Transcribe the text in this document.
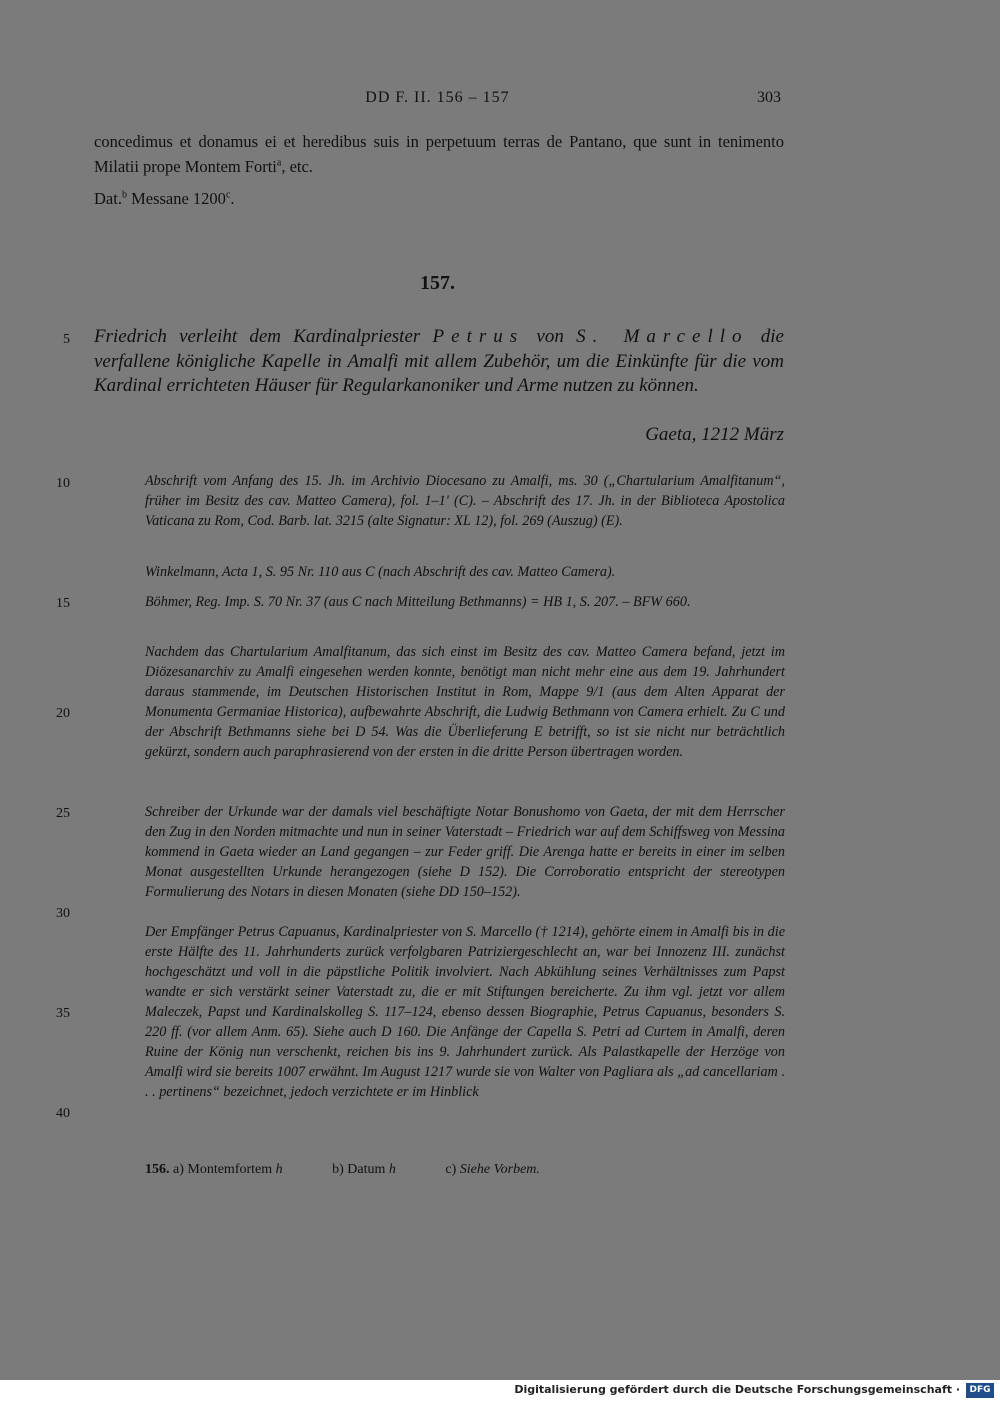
DD F. II. 156 – 157	303
concedimus et donamus ei et heredibus suis in perpetuum terras de Pantano, que sunt in tenimento Milatii prope Montem Forti$^a$, etc.
Dat.$^b$ Messane 1200$^c$.
157.
Friedrich verleiht dem Kardinalpriester Petrus von S. Marcello die verfallene königliche Kapelle in Amalfi mit allem Zubehör, um die Einkünfte für die vom Kardinal errichteten Häuser für Regularkanoniker und Arme nutzen zu können.
Gaeta, 1212 März
5
10
15
20
25
30
35
40
Abschrift vom Anfang des 15. Jh. im Archivio Diocesano zu Amalfi, ms. 30 („Chartularium Amalfitanum“, früher im Besitz des cav. Matteo Camera), fol. 1–1' (C). – Abschrift des 17. Jh. in der Biblioteca Apostolica Vaticana zu Rom, Cod. Barb. lat. 3215 (alte Signatur: XL 12), fol. 269 (Auszug) (E).
Winkelmann, Acta 1, S. 95 Nr. 110 aus C (nach Abschrift des cav. Matteo Camera).
Böhmer, Reg. Imp. S. 70 Nr. 37 (aus C nach Mitteilung Bethmanns) = HB 1, S. 207. – BFW 660.
Nachdem das Chartularium Amalfitanum, das sich einst im Besitz des cav. Matteo Camera befand, jetzt im Diözesanarchiv zu Amalfi eingesehen werden konnte, benötigt man nicht mehr eine aus dem 19. Jahrhundert daraus stammende, im Deutschen Historischen Institut in Rom, Mappe 9/1 (aus dem Alten Apparat der Monumenta Germaniae Historica), aufbewahrte Abschrift, die Ludwig Bethmann von Camera erhielt. Zu C und der Abschrift Bethmanns siehe bei D 54. Was die Überlieferung E betrifft, so ist sie nicht nur beträchtlich gekürzt, sondern auch paraphrasierend von der ersten in die dritte Person übertragen worden.
Schreiber der Urkunde war der damals viel beschäftigte Notar Bonushomo von Gaeta, der mit dem Herrscher den Zug in den Norden mitmachte und nun in seiner Vaterstadt – Friedrich war auf dem Schiffsweg von Messina kommend in Gaeta wieder an Land gegangen – zur Feder griff. Die Arenga hatte er bereits in einer im selben Monat ausgestellten Urkunde herangezogen (siehe D 152). Die Corroboratio entspricht der stereotypen Formulierung des Notars in diesen Monaten (siehe DD 150–152).
Der Empfänger Petrus Capuanus, Kardinalpriester von S. Marcello († 1214), gehörte einem in Amalfi bis in die erste Hälfte des 11. Jahrhunderts zurück verfolgbaren Patriziergeschlecht an, war bei Innozenz III. zunächst hochgeschätzt und voll in die päpstliche Politik involviert. Nach Abkühlung seines Verhältnisses zum Papst wandte er sich verstärkt seiner Vaterstadt zu, die er mit Stiftungen bereicherte. Zu ihm vgl. jetzt vor allem Maleczek, Papst und Kardinalskolleg S. 117–124, ebenso dessen Biographie, Petrus Capuanus, besonders S. 220 ff. (vor allem Anm. 65). Siehe auch D 160. Die Anfänge der Capella S. Petri ad Curtem in Amalfi, deren Ruine der König nun verschenkt, reichen bis ins 9. Jahrhundert zurück. Als Palastkapelle der Herzöge von Amalfi wird sie bereits 1007 erwähnt. Im August 1217 wurde sie von Walter von Pagliara als „ad cancellariam . . . pertinens“ bezeichnet, jedoch verzichtete er im Hinblick
156. a) Montemfortem h	b) Datum h	c) Siehe Vorbem.
Digitalisierung gefördert durch die Deutsche Forschungsgemeinschaft ·	DFG
